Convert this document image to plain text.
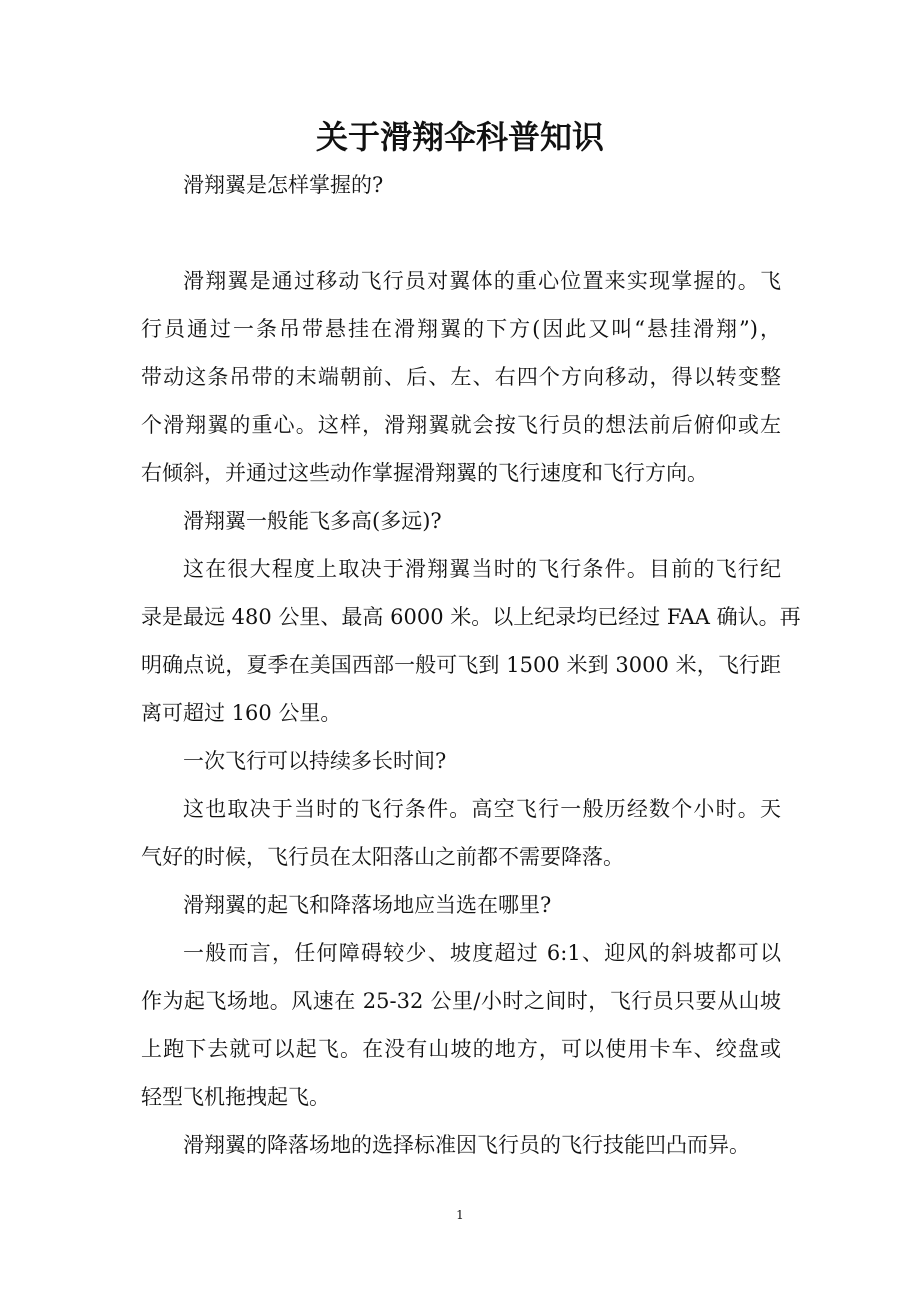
关于滑翔伞科普知识
滑翔翼是怎样掌握的?
滑翔翼是通过移动飞行员对翼体的重心位置来实现掌握的。飞
行员通过一条吊带悬挂在滑翔翼的下方(因此又叫“悬挂滑翔”)，
带动这条吊带的末端朝前、后、左、右四个方向移动，得以转变整
个滑翔翼的重心。这样，滑翔翼就会按飞行员的想法前后俯仰或左
右倾斜，并通过这些动作掌握滑翔翼的飞行速度和飞行方向。
滑翔翼一般能飞多高(多远)?
这在很大程度上取决于滑翔翼当时的飞行条件。目前的飞行纪
录是最远 480 公里、最高 6000 米。以上纪录均已经过 FAA 确认。再
明确点说，夏季在美国西部一般可飞到 1500 米到 3000 米，飞行距
离可超过 160 公里。
一次飞行可以持续多长时间?
这也取决于当时的飞行条件。高空飞行一般历经数个小时。天
气好的时候，飞行员在太阳落山之前都不需要降落。
滑翔翼的起飞和降落场地应当选在哪里?
一般而言，任何障碍较少、坡度超过 6:1、迎风的斜坡都可以
作为起飞场地。风速在 25-32 公里/小时之间时，飞行员只要从山坡
上跑下去就可以起飞。在没有山坡的地方，可以使用卡车、绞盘或
轻型飞机拖拽起飞。
滑翔翼的降落场地的选择标准因飞行员的飞行技能凹凸而异。
1
